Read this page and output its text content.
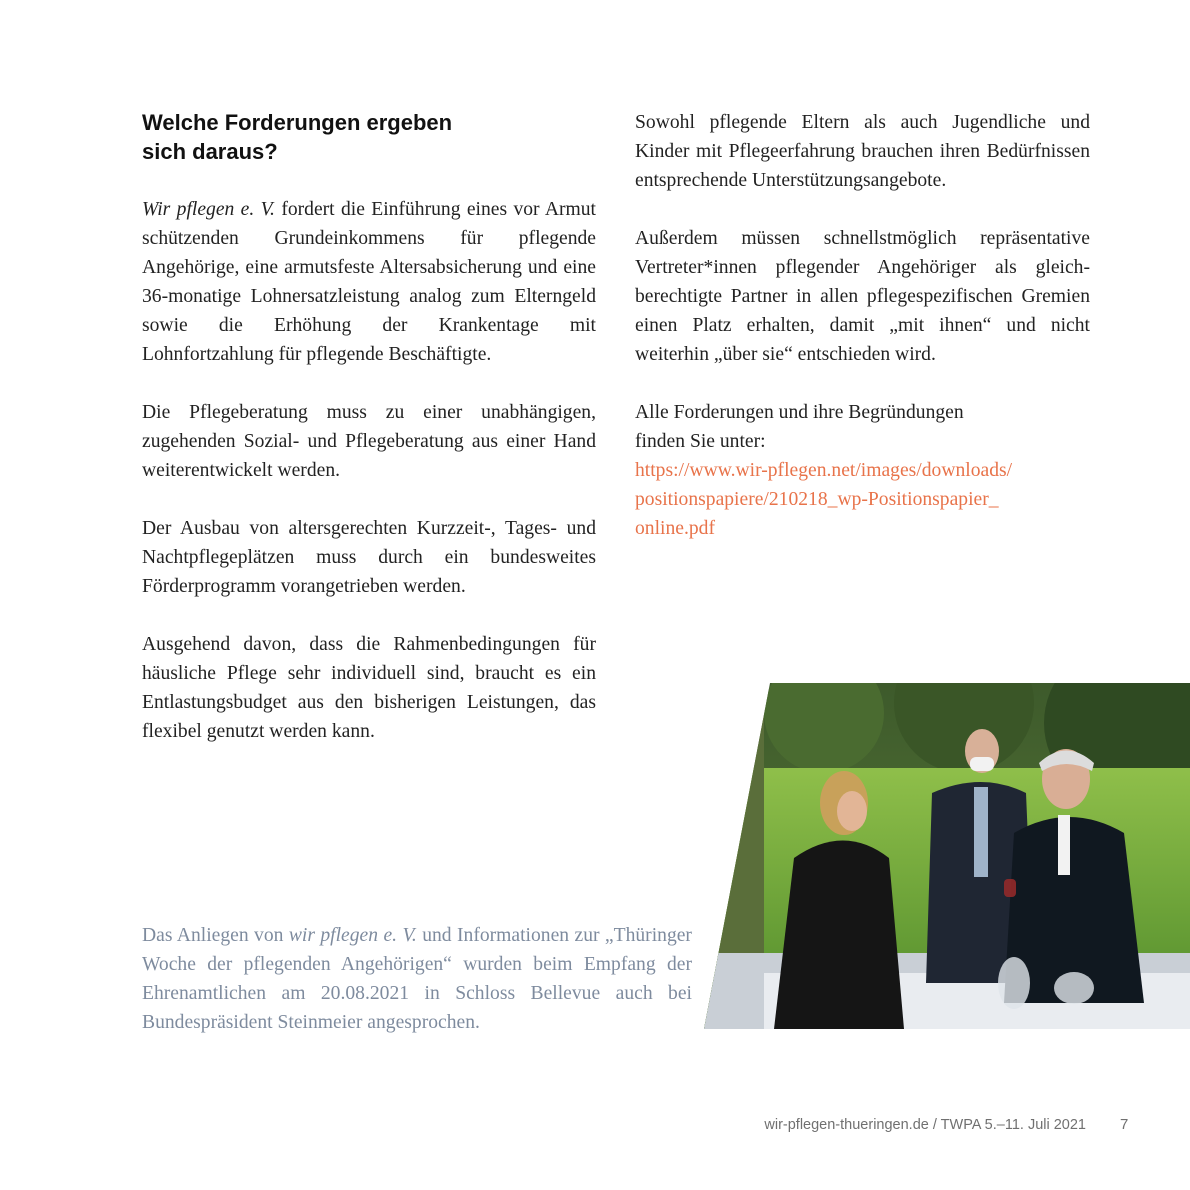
Welche Forderungen ergeben sich daraus?

Wir pflegen e. V. fordert die Einführung eines vor Armut schützenden Grundeinkommens für pflegende Angehörige, eine armutsfeste Altersabsicherung und eine 36-monatige Lohnersatzleistung analog zum Elterngeld sowie die Erhöhung der Krankentage mit Lohnfortzahlung für pflegende Beschäftigte.

Die Pflegeberatung muss zu einer unabhängigen, zugehenden Sozial- und Pflegeberatung aus einer Hand weiterentwickelt werden.

Der Ausbau von altersgerechten Kurzzeit-, Tages- und Nachtpflegeplätzen muss durch ein bundesweites Förderprogramm vorangetrieben werden.

Ausgehend davon, dass die Rahmenbedingungen für häusliche Pflege sehr individuell sind, braucht es ein Entlastungsbudget aus den bisherigen Leistungen, das flexibel genutzt werden kann.

Sowohl pflegende Eltern als auch Jugendliche und Kinder mit Pflegeerfahrung brauchen ihren Bedürfnissen entsprechende Unterstützungsangebote.

Außerdem müssen schnellstmöglich repräsentative Vertreter*innen pflegender Angehöriger als gleichberechtigte Partner in allen pflegespezifischen Gremien einen Platz erhalten, damit „mit ihnen“ und nicht weiterhin „über sie“ entschieden wird.

Alle Forderungen und ihre Begründungen
finden Sie unter:

https://www.wir-pflegen.net/images/downloads/
positionspapiere/210218_wp-Positionspapier_
online.pdf

Das Anliegen von wir pflegen e. V. und Informationen zur „Thüringer Woche der pflegenden Angehörigen“ wurden beim Empfang der Ehrenamtlichen am 20.08.2021 in Schloss Bellevue auch bei Bundespräsident Steinmeier angesprochen.

wir-pflegen-thueringen.de / TWPA 5.–11. Juli 2021 7
